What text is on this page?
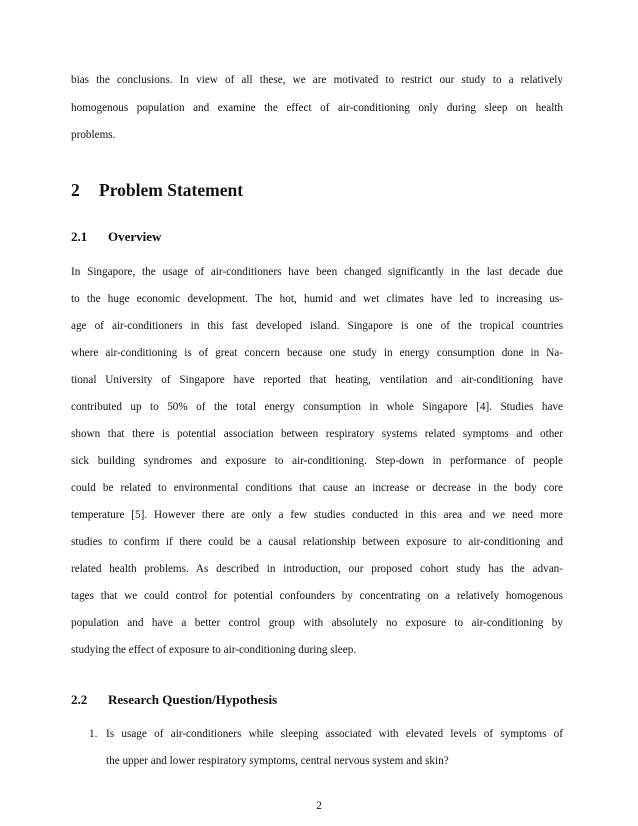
bias the conclusions. In view of all these, we are motivated to restrict our study to a relatively
homogenous population and examine the effect of air-conditioning only during sleep on health
problems.
2 Problem Statement
2.1 Overview
In Singapore, the usage of air-conditioners have been changed significantly in the last decade due
to the huge economic development. The hot, humid and wet climates have led to increasing us-
age of air-conditioners in this fast developed island. Singapore is one of the tropical countries
where air-conditioning is of great concern because one study in energy consumption done in Na-
tional University of Singapore have reported that heating, ventilation and air-conditioning have
contributed up to 50% of the total energy consumption in whole Singapore [4]. Studies have
shown that there is potential association between respiratory systems related symptoms and other
sick building syndromes and exposure to air-conditioning. Step-down in performance of people
could be related to environmental conditions that cause an increase or decrease in the body core
temperature [5]. However there are only a few studies conducted in this area and we need more
studies to confirm if there could be a causal relationship between exposure to air-conditioning and
related health problems. As described in introduction, our proposed cohort study has the advan-
tages that we could control for potential confounders by concentrating on a relatively homogenous
population and have a better control group with absolutely no exposure to air-conditioning by
studying the effect of exposure to air-conditioning during sleep.
2.2 Research Question/Hypothesis
1. Is usage of air-conditioners while sleeping associated with elevated levels of symptoms of
the upper and lower respiratory symptoms, central nervous system and skin?
2
